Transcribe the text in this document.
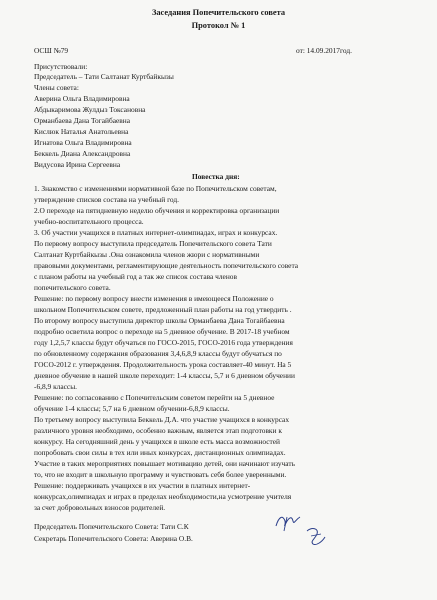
Заседания Попечительского совета
Протокол № 1
ОСШ №79	от: 14.09.2017год.
Присутствовали:
Председатель – Тати Салтанат Куртбайкызы
Члены совета:
Аверина Ольга Владимировна
Абдыкаримова Жулдыз Токсановна
Орманбаева Дана Тогайбаевна
Кислюк Наталья Анатольевна
Игнатова Ольга Владимировна
Беккель Диана Александровна
Видусова Ирина Сергеевна
Повестка дня:
1. Знакомство с изменениями нормативной базе по Попечительском советам,
утверждение списков состава на учебный год.
2.О переходе на пятидневную неделю обучения и корректировка организации
учебно-воспитательного процесса.
3. Об участии учащихся в платных интернет-олимпиадах, играх и конкурсах.
По первому вопросу выступила председатель Попечительского совета Тати
Салтанат Куртбайкызы .Она ознакомила членов жюри с нормативными
правовыми документами, регламентирующие деятельность попечительского совета
с планом работы на учебный год а так же список состава членов
попечительского совета.
Решение: по первому вопросу внести изменения в имеющееся Положение о
школьном Попечительском совете, предложенный план работы на год утвердить .
По второму вопросу выступила директор школы Орманбаева Дана Тогайбаевна
подробно осветила вопрос о переходе на 5 дневное обучение. В 2017-18 учебном
году 1,2,5,7 классы будут обучаться по ГОСО-2015, ГОСО-2016 года утверждения
по обновленному содержания образования 3,4,6,8,9 классы будут обучаться по
ГОСО-2012 г. утверждения. Продолжительность урока составляет-40 минут. На 5
дневное обучение в нашей школе переходит: 1-4 классы, 5,7 и 6 дневном обучении
-6,8,9 классы.
Решение: по согласованию с Попечительским советом перейти на 5 дневное
обучение 1-4 классы; 5,7 на 6 дневном обучении-6,8,9 классы.
По третьему вопросу выступила Беккель Д.А. что участие учащихся в конкурсах
различного уровня необходимо, особенно важным, является этап подготовки к
конкурсу. На сегодняшний день у учащихся в школе есть масса возможностей
попробовать свои силы в тех или иных конкурсах, дистанционных олимпиадах.
Участие в таких мероприятиях повышает мотивацию детей, они начинают изучать
то, что не входит в школьную программу и чувствовать себя более уверенными.
Решение: поддерживать учащихся в их участии в платных интернет-
конкурсах,олимпиадах и играх в пределах необходимости,на усмотрение учителя
за счет добровольных взносов родителей.
Председатель Попечительского Совета: Тати С.К
Секретарь Попечительского Совета: Аверина О.В.
